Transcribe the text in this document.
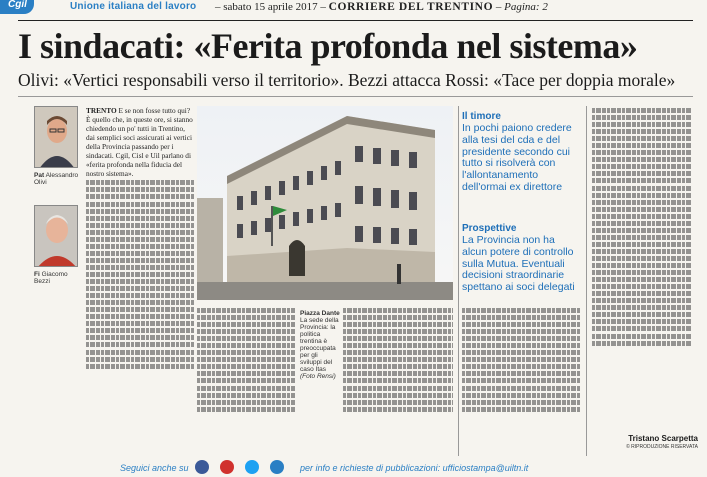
Cgil	Unione italiana del lavoro – sabato 15 aprile 2017 – CORRIERE DEL TRENTINO – Pagina: 2
I sindacati: «Ferita profonda nel sistema»
Olivi: «Vertici responsabili verso il territorio». Bezzi attacca Rossi: «Tace per doppia morale»
Pat Alessandro Olivi
Fi Giacomo Bezzi

TRENTO E se non fosse tutto qui? È quello che, in queste ore, si stanno chiedendo un po' tutti in Trentino, dai semplici soci assicurati ai vertici della Provincia passando per i sindacati. Cgil, Cisl e Uil parlano di «ferita profonda nella fiducia del nostro sistema».

Piazza Dante
La sede della Provincia: la politica trentina è preoccupata per gli sviluppi del caso Itas (Foto Rensi)
Il timore
In pochi paiono credere alla tesi del cda e del presidente secondo cui tutto si risolverà con l'allontanamento dell'ormai ex direttore
Prospettive
La Provincia non ha alcun potere di controllo sulla Mutua. Eventuali decisioni straordinarie spettano ai soci delegati
Tristano Scarpetta
© RIPRODUZIONE RISERVATA
Seguici anche su	per info e richieste di pubblicazioni: ufficiostampa@uiltn.it
